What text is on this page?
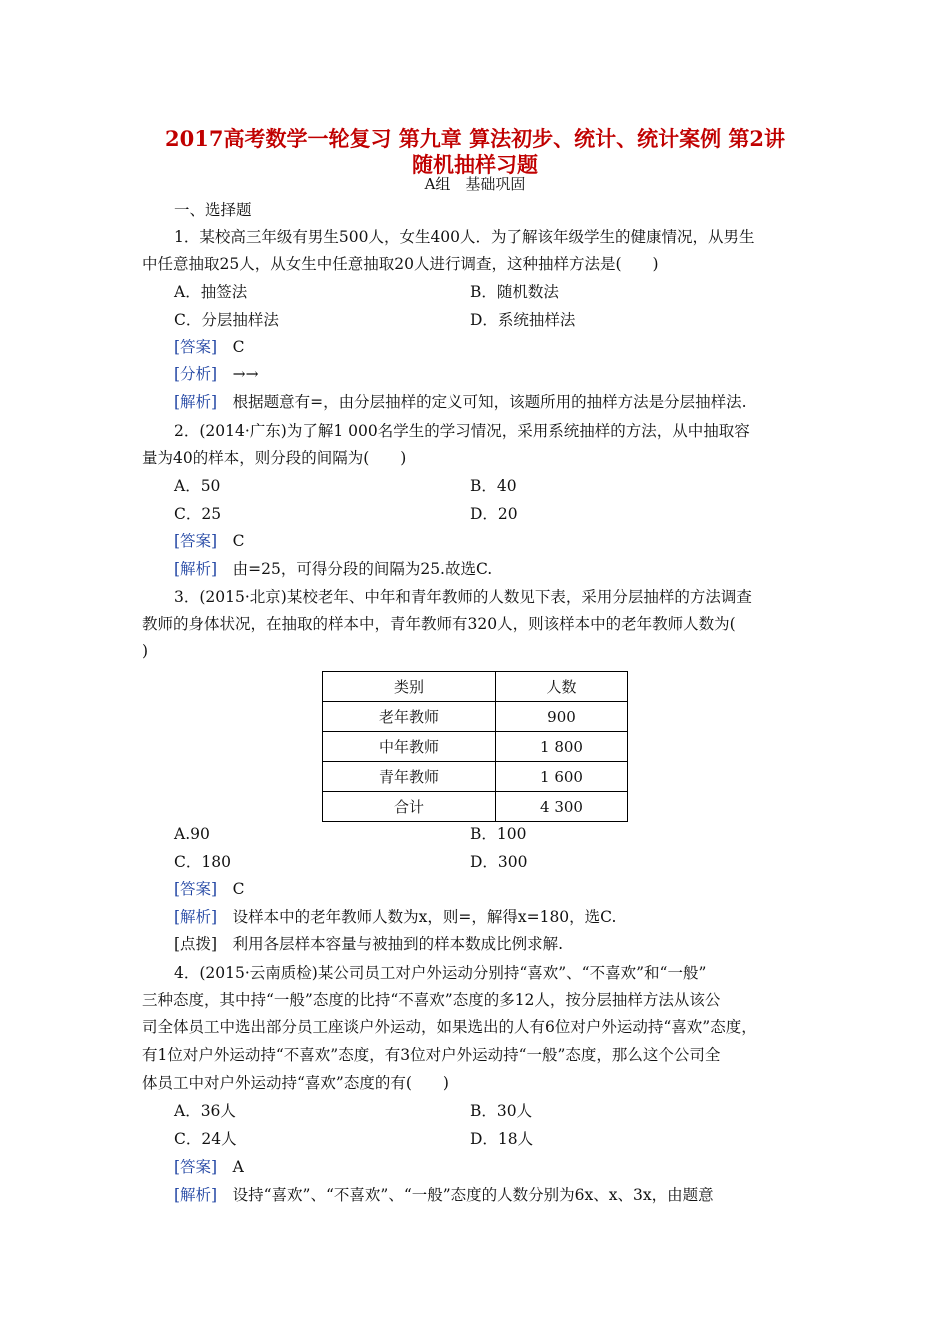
2017高考数学一轮复习 第九章 算法初步、统计、统计案例 第2讲
随机抽样习题
A组　基础巩固
一、选择题
1．某校高三年级有男生500人，女生400人．为了解该年级学生的健康情况，从男生
中任意抽取25人，从女生中任意抽取20人进行调查，这种抽样方法是(　　)
A．抽签法	B．随机数法
C．分层抽样法	D．系统抽样法
[答案]　 C
[分析]　 →→
[解析]　 根据题意有=，由分层抽样的定义可知，该题所用的抽样方法是分层抽样法.
2．(2014·广东)为了解1 000名学生的学习情况，采用系统抽样的方法，从中抽取容
量为40的样本，则分段的间隔为(　　)
A．50	B．40
C．25	D．20
[答案]　 C
[解析]　 由=25，可得分段的间隔为25.故选C.
3．(2015·北京)某校老年、中年和青年教师的人数见下表，采用分层抽样的方法调查
教师的身体状况，在抽取的样本中，青年教师有320人，则该样本中的老年教师人数为(
)
类别	人数
老年教师	900
中年教师	1 800
青年教师	1 600
合计	4 300
A.90	B．100
C．180	D．300
[答案]　 C
[解析]　 设样本中的老年教师人数为x，则=，解得x=180，选C.
[点拨]　 利用各层样本容量与被抽到的样本数成比例求解.
4．(2015·云南质检)某公司员工对户外运动分别持“喜欢”、“不喜欢”和“一般”
三种态度，其中持“一般”态度的比持“不喜欢”态度的多12人，按分层抽样方法从该公
司全体员工中选出部分员工座谈户外运动，如果选出的人有6位对户外运动持“喜欢”态度，
有1位对户外运动持“不喜欢”态度，有3位对户外运动持“一般”态度，那么这个公司全
体员工中对户外运动持“喜欢”态度的有(　　)
A．36人	B．30人
C．24人	D．18人
[答案]　 A
[解析]　 设持“喜欢”、“不喜欢”、“一般”态度的人数分别为6x、x、3x，由题意
